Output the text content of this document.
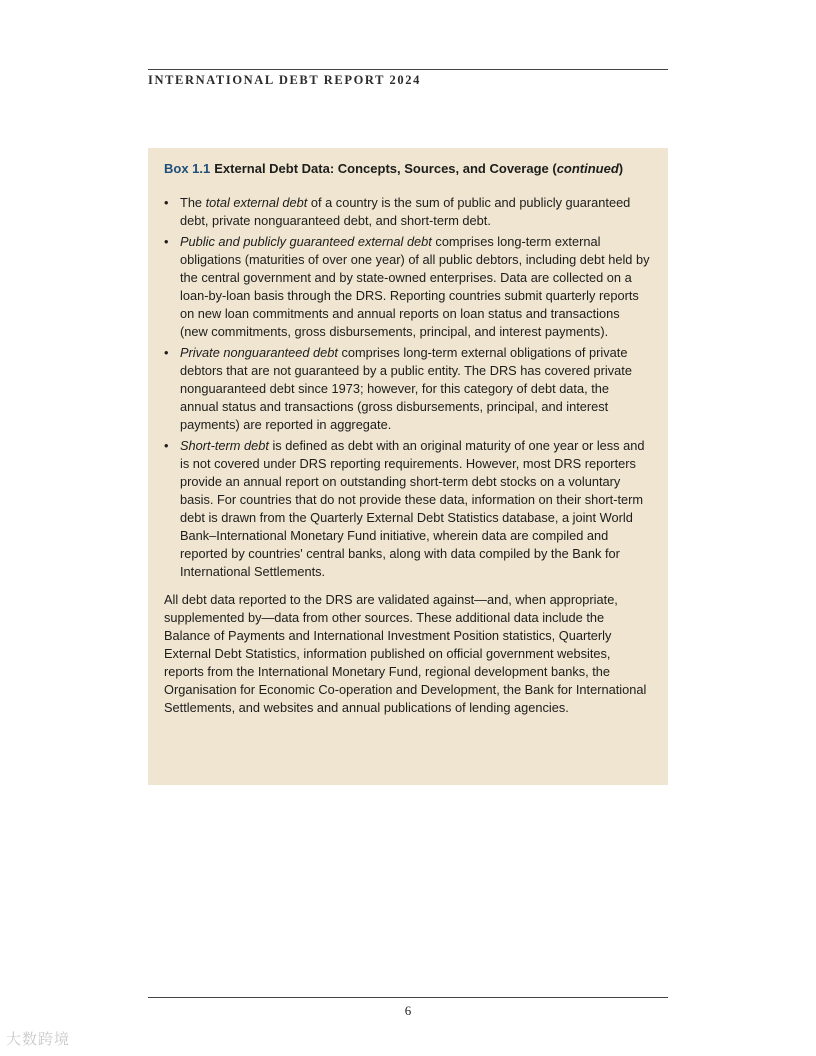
INTERNATIONAL DEBT REPORT 2024
Box 1.1 External Debt Data: Concepts, Sources, and Coverage (continued)
• The total external debt of a country is the sum of public and publicly guaranteed debt, private nonguaranteed debt, and short-term debt.
• Public and publicly guaranteed external debt comprises long-term external obligations (maturities of over one year) of all public debtors, including debt held by the central government and by state-owned enterprises. Data are collected on a loan-by-loan basis through the DRS. Reporting countries submit quarterly reports on new loan commitments and annual reports on loan status and transactions (new commitments, gross disbursements, principal, and interest payments).
• Private nonguaranteed debt comprises long-term external obligations of private debtors that are not guaranteed by a public entity. The DRS has covered private nonguaranteed debt since 1973; however, for this category of debt data, the annual status and transactions (gross disbursements, principal, and interest payments) are reported in aggregate.
• Short-term debt is defined as debt with an original maturity of one year or less and is not covered under DRS reporting requirements. However, most DRS reporters provide an annual report on outstanding short-term debt stocks on a voluntary basis. For countries that do not provide these data, information on their short-term debt is drawn from the Quarterly External Debt Statistics database, a joint World Bank–International Monetary Fund initiative, wherein data are compiled and reported by countries' central banks, along with data compiled by the Bank for International Settlements.

All debt data reported to the DRS are validated against—and, when appropriate, supplemented by—data from other sources. These additional data include the Balance of Payments and International Investment Position statistics, Quarterly External Debt Statistics, information published on official government websites, reports from the International Monetary Fund, regional development banks, the Organisation for Economic Co-operation and Development, the Bank for International Settlements, and websites and annual publications of lending agencies.

6
大数跨境
